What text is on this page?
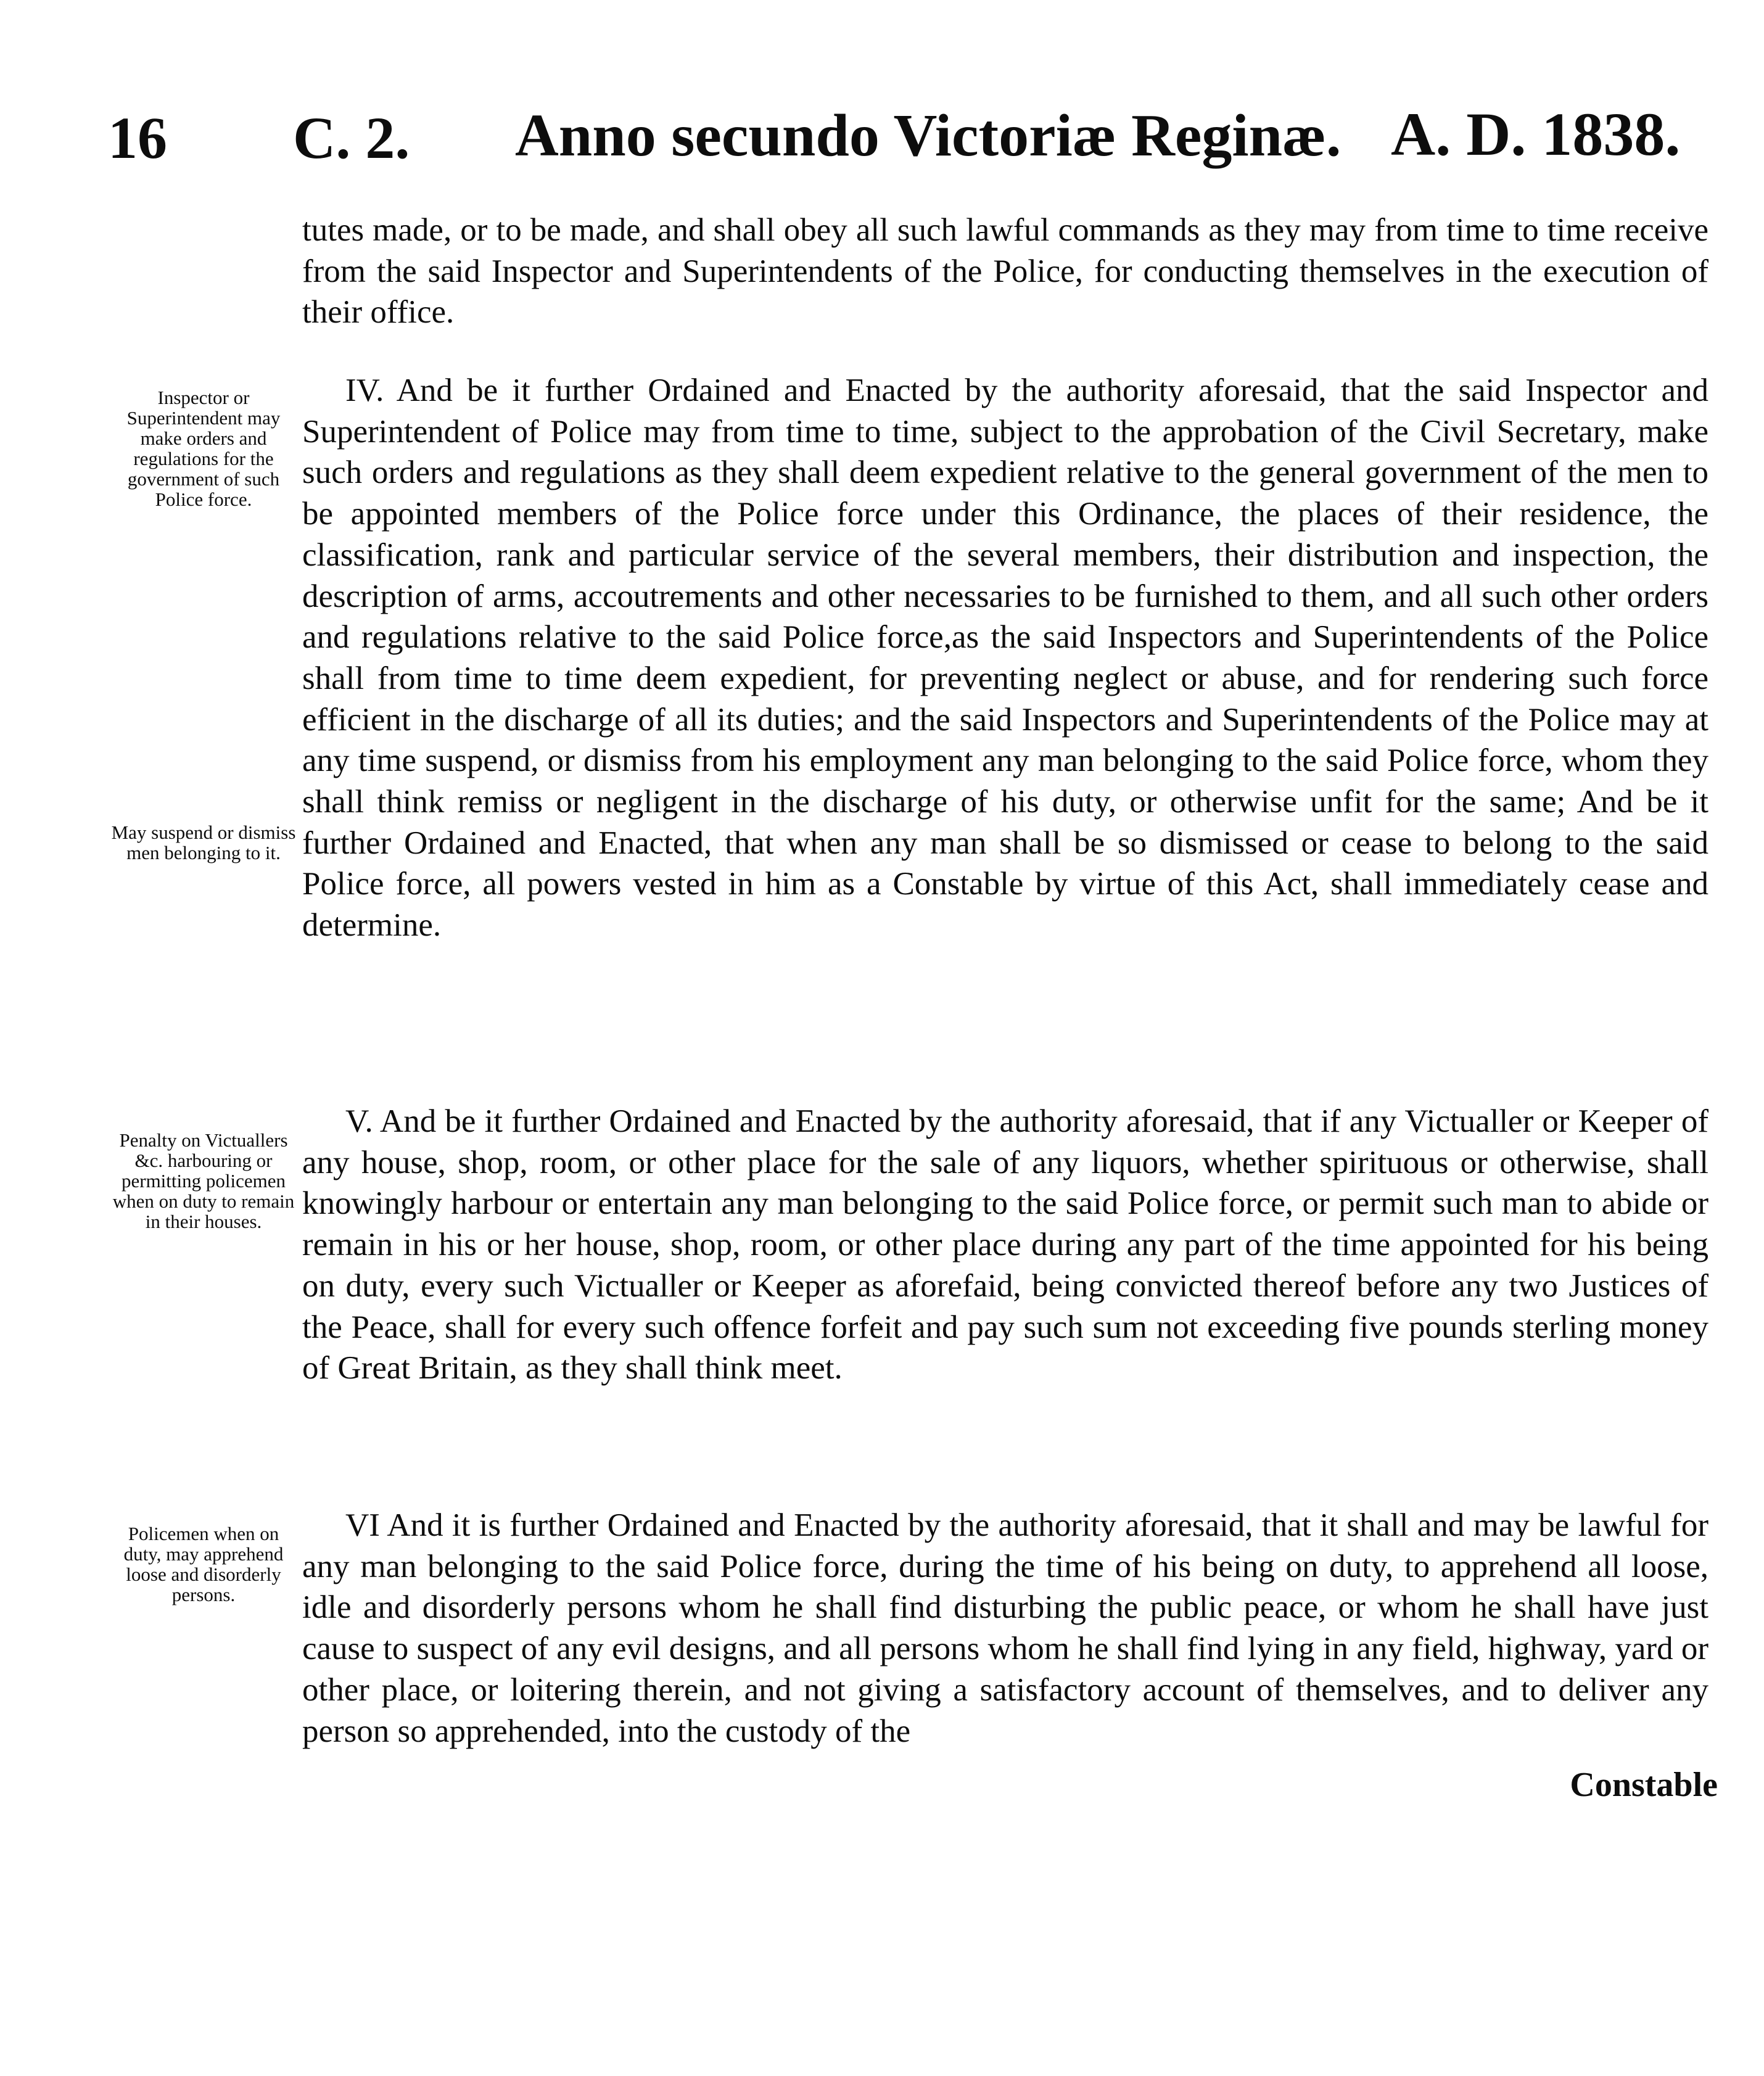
16 C. 2. Anno secundo Victoriæ Reginæ. A. D. 1838.
Inspector or Superintendent may make orders and regulations for the government of such Police force.
May suspend or dismiss men belonging to it.
Penalty on Victuallers &c. harbouring or permitting policemen when on duty to remain in their houses.
Policemen when on duty, may apprehend loose and disorderly persons.

tutes made, or to be made, and shall obey all such lawful commands as they may from time to time receive from the said Inspector and Superintendents of the Police, for conducting themselves in the execution of their office.

IV. And be it further Ordained and Enacted by the authority aforesaid, that the said Inspector and Superintendent of Police may from time to time, subject to the approbation of the Civil Secretary, make such orders and regulations as they shall deem expedient relative to the general government of the men to be appointed members of the Police force under this Ordinance, the places of their residence, the classification, rank and particular service of the several members, their distribution and inspection, the description of arms, accoutrements and other necessaries to be furnished to them, and all such other orders and regulations relative to the said Police force,as the said Inspectors and Superintendents of the Police shall from time to time deem expedient, for preventing neglect or abuse, and for rendering such force efficient in the discharge of all its duties; and the said Inspectors and Superintendents of the Police may at any time suspend, or dismiss from his employment any man belonging to the said Police force, whom they shall think remiss or negligent in the discharge of his duty, or otherwise unfit for the same; And be it further Ordained and Enacted, that when any man shall be so dismissed or cease to belong to the said Police force, all powers vested in him as a Constable by virtue of this Act, shall immediately cease and determine.

V. And be it further Ordained and Enacted by the authority aforesaid, that if any Victualler or Keeper of any house, shop, room, or other place for the sale of any liquors, whether spirituous or otherwise, shall knowingly harbour or entertain any man belonging to the said Police force, or permit such man to abide or remain in his or her house, shop, room, or other place during any part of the time appointed for his being on duty, every such Victualler or Keeper as aforefaid, being convicted thereof before any two Justices of the Peace, shall for every such offence forfeit and pay such sum not exceeding five pounds sterling money of Great Britain, as they shall think meet.

VI And it is further Ordained and Enacted by the authority aforesaid, that it shall and may be lawful for any man belonging to the said Police force, during the time of his being on duty, to apprehend all loose, idle and disorderly persons whom he shall find disturbing the public peace, or whom he shall have just cause to suspect of any evil designs, and all persons whom he shall find lying in any field, highway, yard or other place, or loitering therein, and not giving a satisfactory account of themselves, and to deliver any person so apprehended, into the custody of the

Constable
